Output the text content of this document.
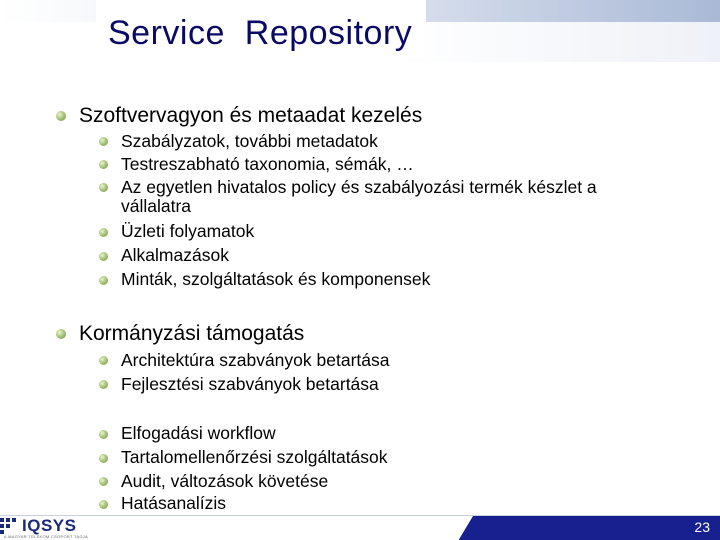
Service  Repository
Szoftvervagyon és metaadat kezelés
Szabályzatok, további metadatok
Testreszabható taxonomia, sémák, …
Az egyetlen hivatalos policy és szabályozási termék készlet a
vállalatra
Üzleti folyamatok
Alkalmazások
Minták, szolgáltatások és komponensek
Kormányzási támogatás
Architektúra szabványok betartása
Fejlesztési szabványok betartása
Elfogadási workflow
Tartalomellenőrzési szolgáltatások
Audit, változások követése
Hatásanalízis
IQSYS
A MAGYAR TELEKOM CSOPORT TAGJA
23
